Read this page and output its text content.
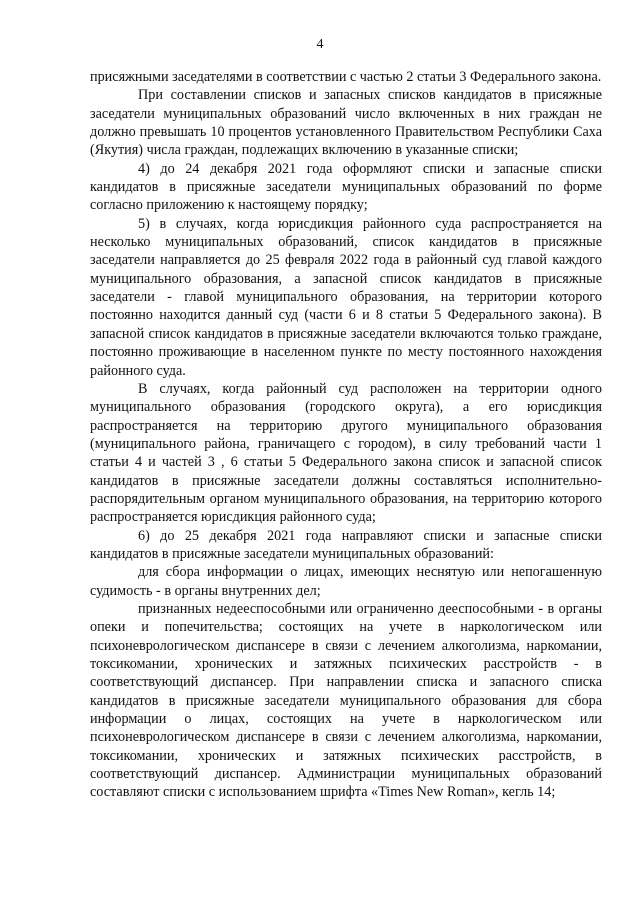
4

присяжными заседателями в соответствии с частью 2 статьи 3 Федерального закона.

При составлении списков и запасных списков кандидатов в присяжные заседатели муниципальных образований число включенных в них граждан не должно превышать 10 процентов установленного Правительством Республики Саха (Якутия) числа граждан, подлежащих включению в указанные списки;

4) до 24 декабря 2021 года оформляют списки и запасные списки кандидатов в присяжные заседатели муниципальных образований по форме согласно приложению к настоящему порядку;

5) в случаях, когда юрисдикция районного суда распространяется на несколько муниципальных образований, список кандидатов в присяжные заседатели направляется до 25 февраля 2022 года в районный суд главой каждого муниципального образования, а запасной список кандидатов в присяжные заседатели - главой муниципального образования, на территории которого постоянно находится данный суд (части 6 и 8 статьи 5 Федерального закона). В запасной список кандидатов в присяжные заседатели включаются только граждане, постоянно проживающие в населенном пункте по месту постоянного нахождения районного суда.

В случаях, когда районный суд расположен на территории одного муниципального образования (городского округа), а его юрисдикция распространяется на территорию другого муниципального образования (муниципального района, граничащего с городом), в силу требований части 1 статьи 4 и частей 3 , 6 статьи 5 Федерального закона список и запасной список кандидатов в присяжные заседатели должны составляться исполнительно-распорядительным органом муниципального образования, на территорию которого распространяется юрисдикция районного суда;

6) до 25 декабря 2021 года направляют списки и запасные списки кандидатов в присяжные заседатели муниципальных образований:

для сбора информации о лицах, имеющих неснятую или непогашенную судимость - в органы внутренних дел;

признанных недееспособными или ограниченно дееспособными - в органы опеки и попечительства; состоящих на учете в наркологическом или психоневрологическом диспансере в связи с лечением алкоголизма, наркомании, токсикомании, хронических и затяжных психических расстройств - в соответствующий диспансер. При направлении списка и запасного списка кандидатов в присяжные заседатели муниципального образования для сбора информации о лицах, состоящих на учете в наркологическом или психоневрологическом диспансере в связи с лечением алкоголизма, наркомании, токсикомании, хронических и затяжных психических расстройств, в соответствующий диспансер. Администрации муниципальных образований составляют списки с использованием шрифта «Times New Roman», кегль 14;
